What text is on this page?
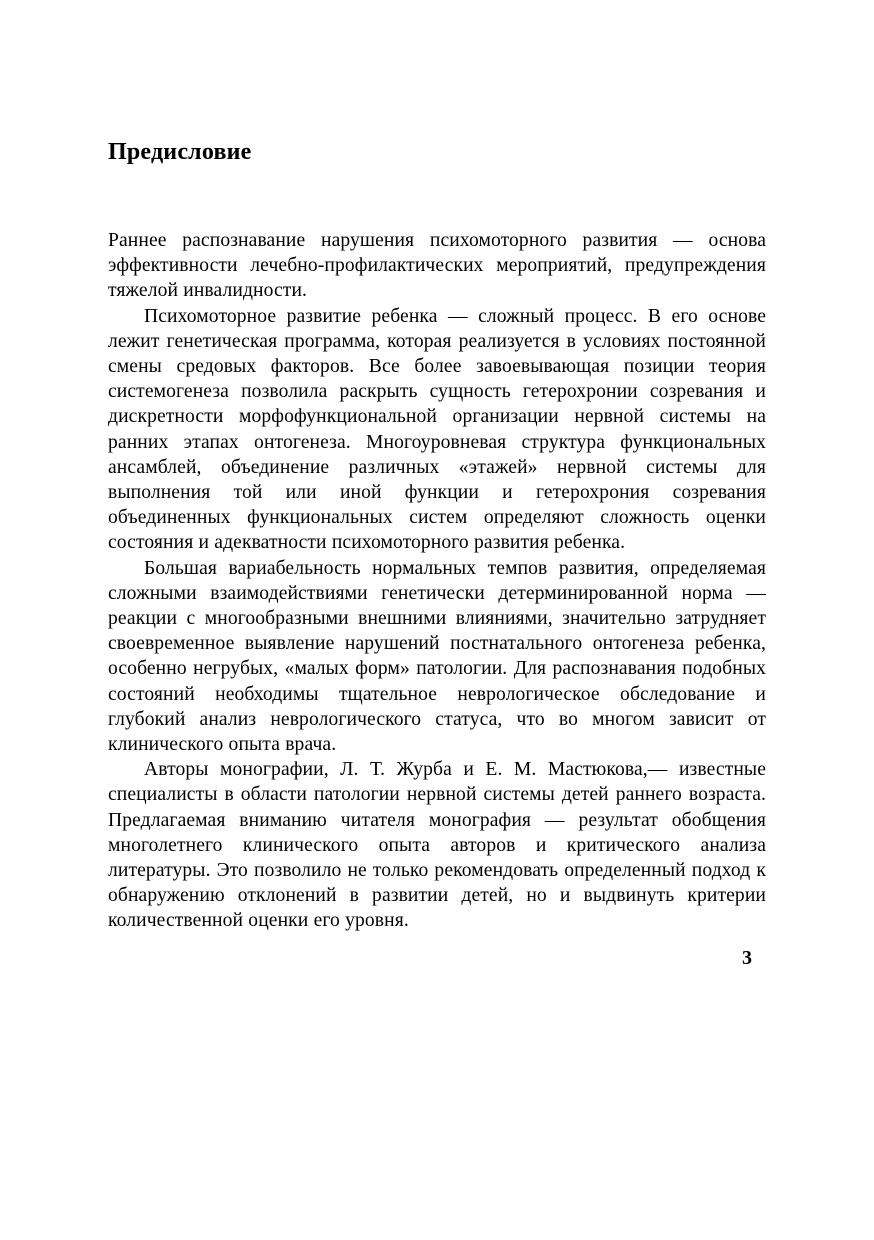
Предисловие

Раннее распознавание нарушения психомоторного развития — основа эффективности лечебно-профилактических мероприятий, предупреждения тяжелой инвалидности.

Психомоторное развитие ребенка — сложный процесс. В его основе лежит генетическая программа, которая реализуется в условиях постоянной смены средовых факторов. Все более завоевывающая позиции теория системогенеза позволила раскрыть сущность гетерохронии созревания и дискретности морфофункциональной организации нервной системы на ранних этапах онтогенеза. Многоуровневая структура функциональных ансамблей, объединение различных «этажей» нервной системы для выполнения той или иной функции и гетерохрония созревания объединенных функциональных систем определяют сложность оценки состояния и адекватности психомоторного развития ребенка.

Большая вариабельность нормальных темпов развития, определяемая сложными взаимодействиями генетически детерминированной норма — реакции с многообразными внешними влияниями, значительно затрудняет своевременное выявление нарушений постнатального онтогенеза ребенка, особенно негрубых, «малых форм» патологии. Для распознавания подобных состояний необходимы тщательное неврологическое обследование и глубокий анализ неврологического статуса, что во многом зависит от клинического опыта врача.

Авторы монографии, Л. Т. Журба и Е. М. Мастюкова,— известные специалисты в области патологии нервной системы детей раннего возраста. Предлагаемая вниманию читателя монография — результат обобщения многолетнего клинического опыта авторов и критического анализа литературы. Это позволило не только рекомендовать определенный подход к обнаружению отклонений в развитии детей, но и выдвинуть критерии количественной оценки его уровня.

3
